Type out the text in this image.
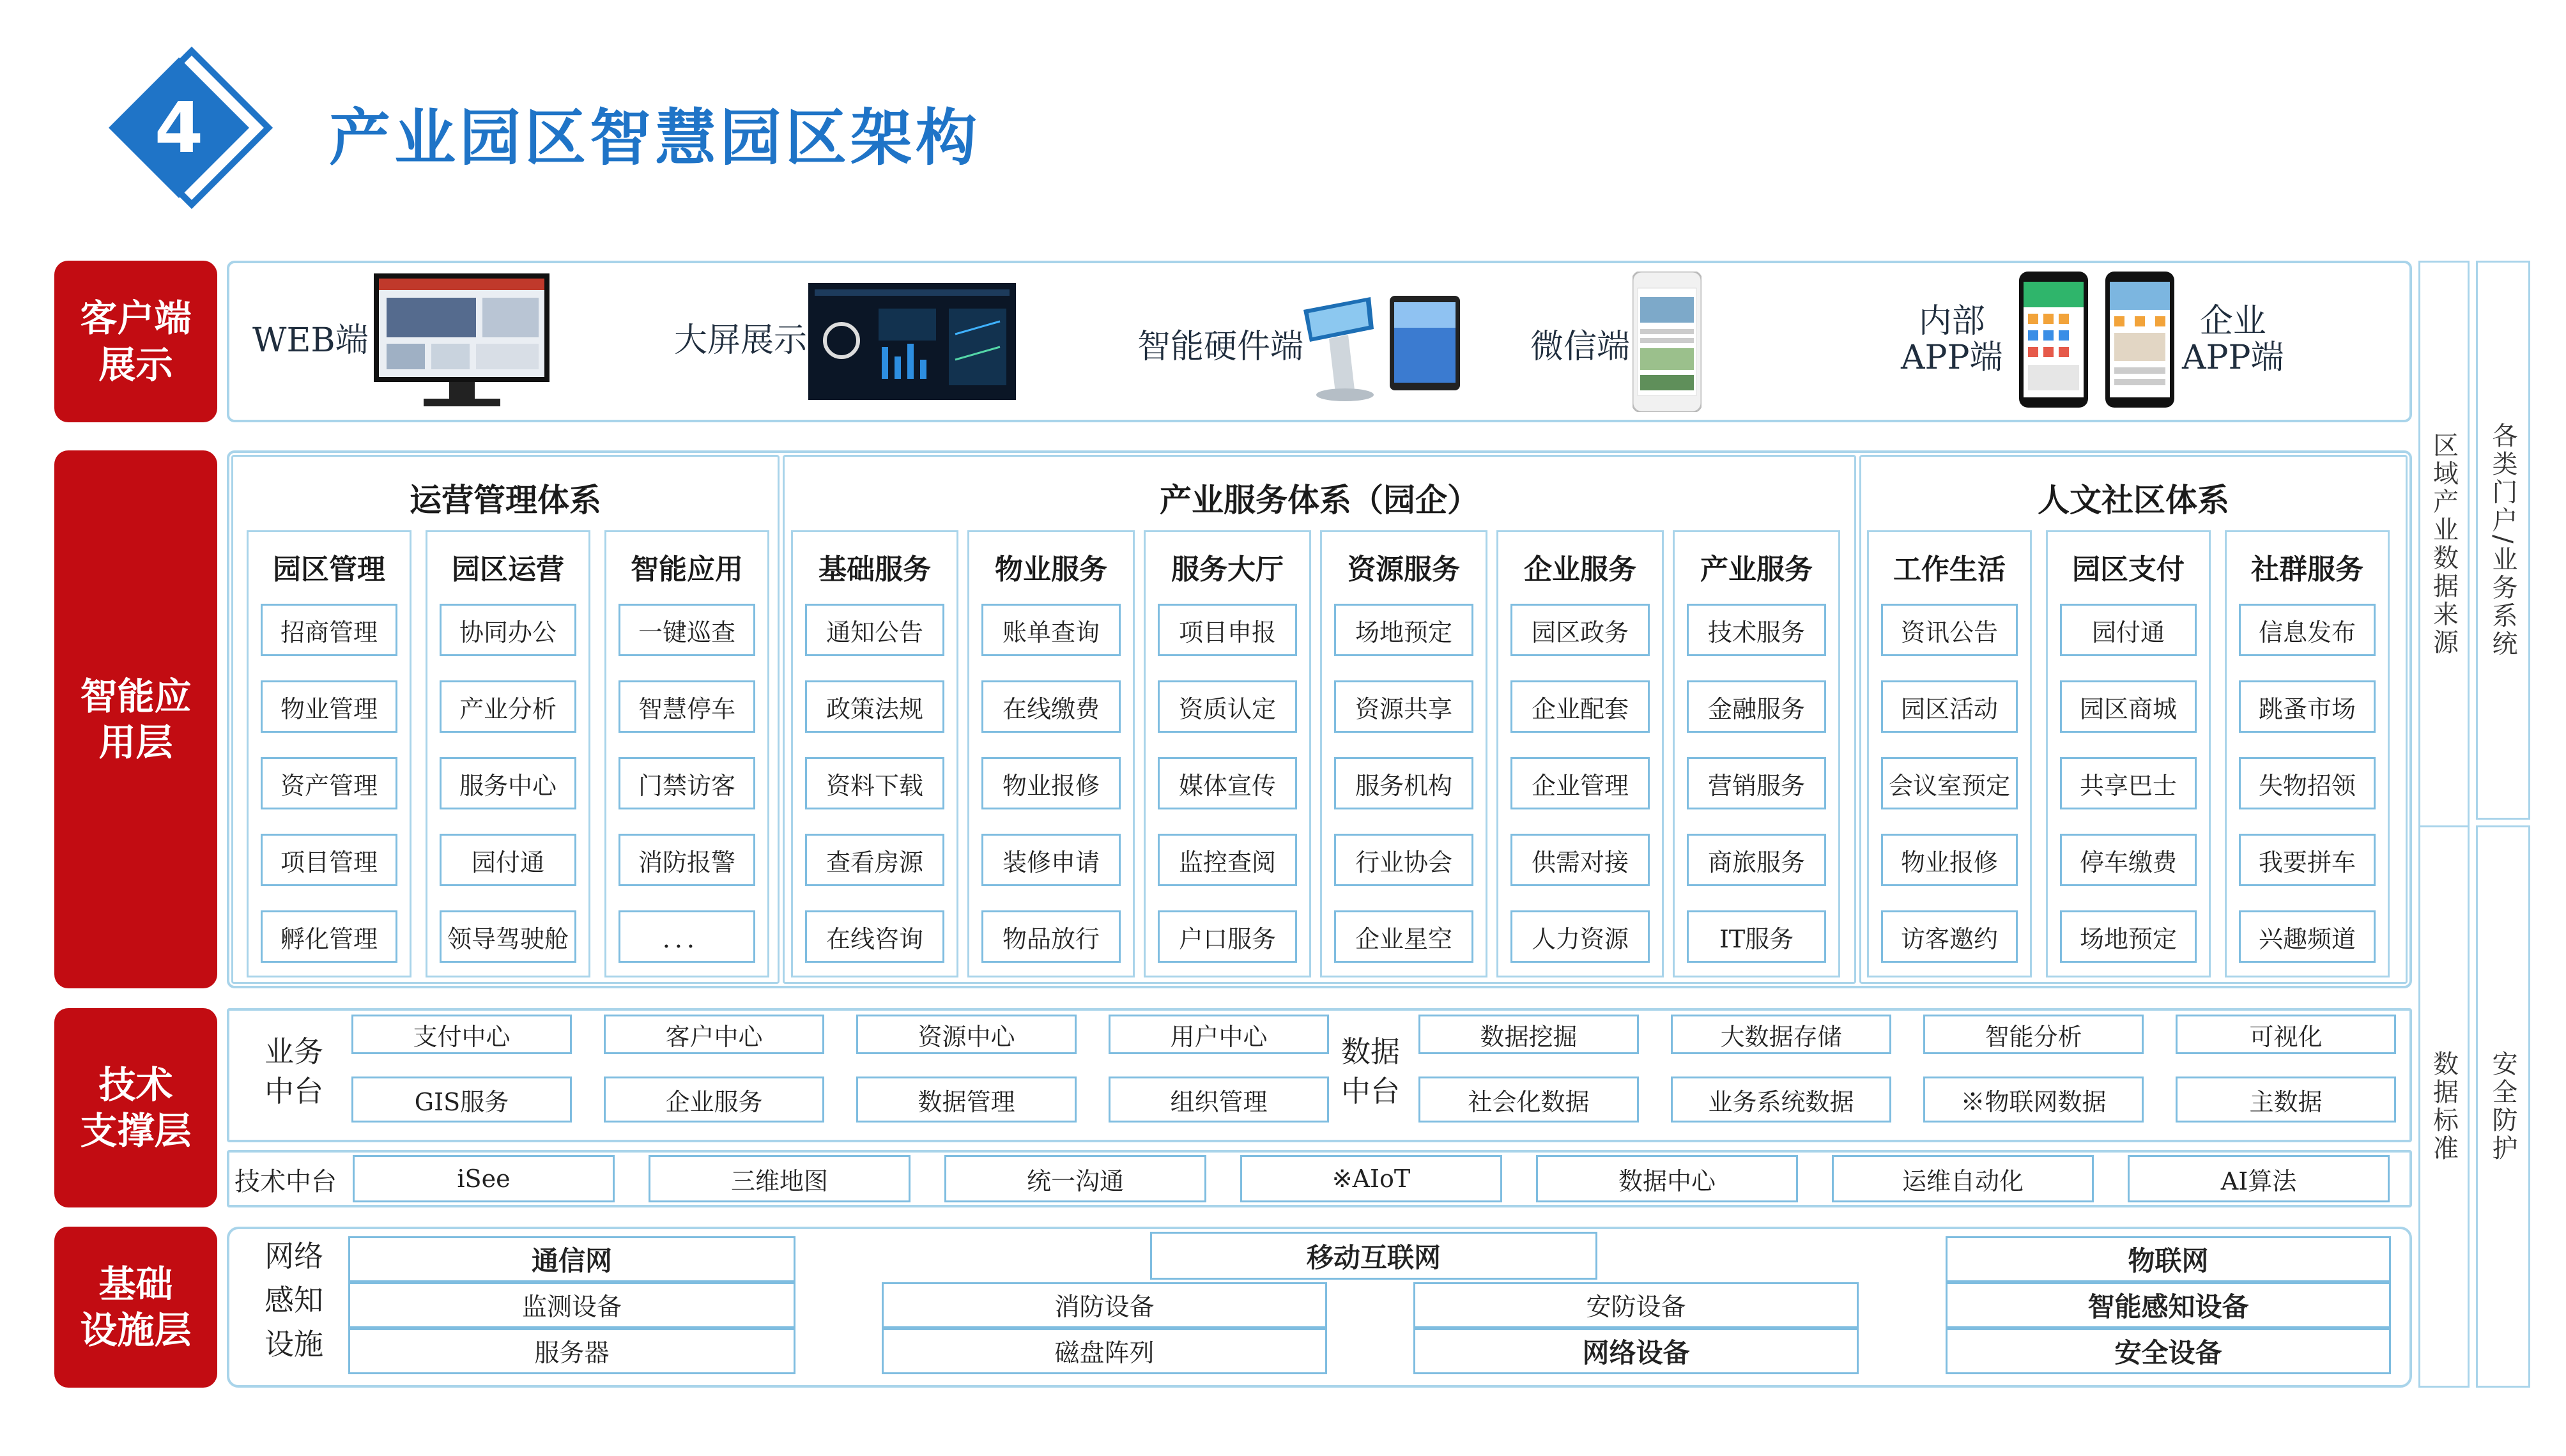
4	产业园区智慧园区架构
客户端
展示
智能应
用层
技术
支撑层
基础
设施层
WEB端	大屏展示	智能硬件端	微信端
内部
APP端
企业
APP端
运营管理体系
园区管理
招商管理
物业管理
资产管理
项目管理
孵化管理
园区运营
协同办公
产业分析
服务中心
园付通
领导驾驶舱
智能应用
一键巡查
智慧停车
门禁访客
消防报警
．．．
产业服务体系（园企）
基础服务
通知公告
政策法规
资料下载
查看房源
在线咨询
物业服务
账单查询
在线缴费
物业报修
装修申请
物品放行
服务大厅
项目申报
资质认定
媒体宣传
监控查阅
户口服务
资源服务
场地预定
资源共享
服务机构
行业协会
企业星空
企业服务
园区政务
企业配套
企业管理
供需对接
人力资源
产业服务
技术服务
金融服务
营销服务
商旅服务
IT服务
人文社区体系
工作生活
资讯公告
园区活动
会议室预定
物业报修
访客邀约
园区支付
园付通
园区商城
共享巴士
停车缴费
场地预定
社群服务
信息发布
跳蚤市场
失物招领
我要拼车
兴趣频道
业务
中台
数据
中台
支付中心
GIS服务
客户中心
企业服务
资源中心
数据管理
用户中心
组织管理
数据挖掘
社会化数据
大数据存储
业务系统数据
智能分析
※物联网数据
可视化
主数据
技术中台	iSee	三维地图	统一沟通	※AIoT	数据中心	运维自动化	AI算法
网络
感知
设施
通信网
监测设备
服务器
移动互联网
消防设备	安防设备
磁盘阵列	网络设备
物联网
智能感知设备
安全设备
区域产业数据来源	各类门户/业务系统
数据标准	安全防护
